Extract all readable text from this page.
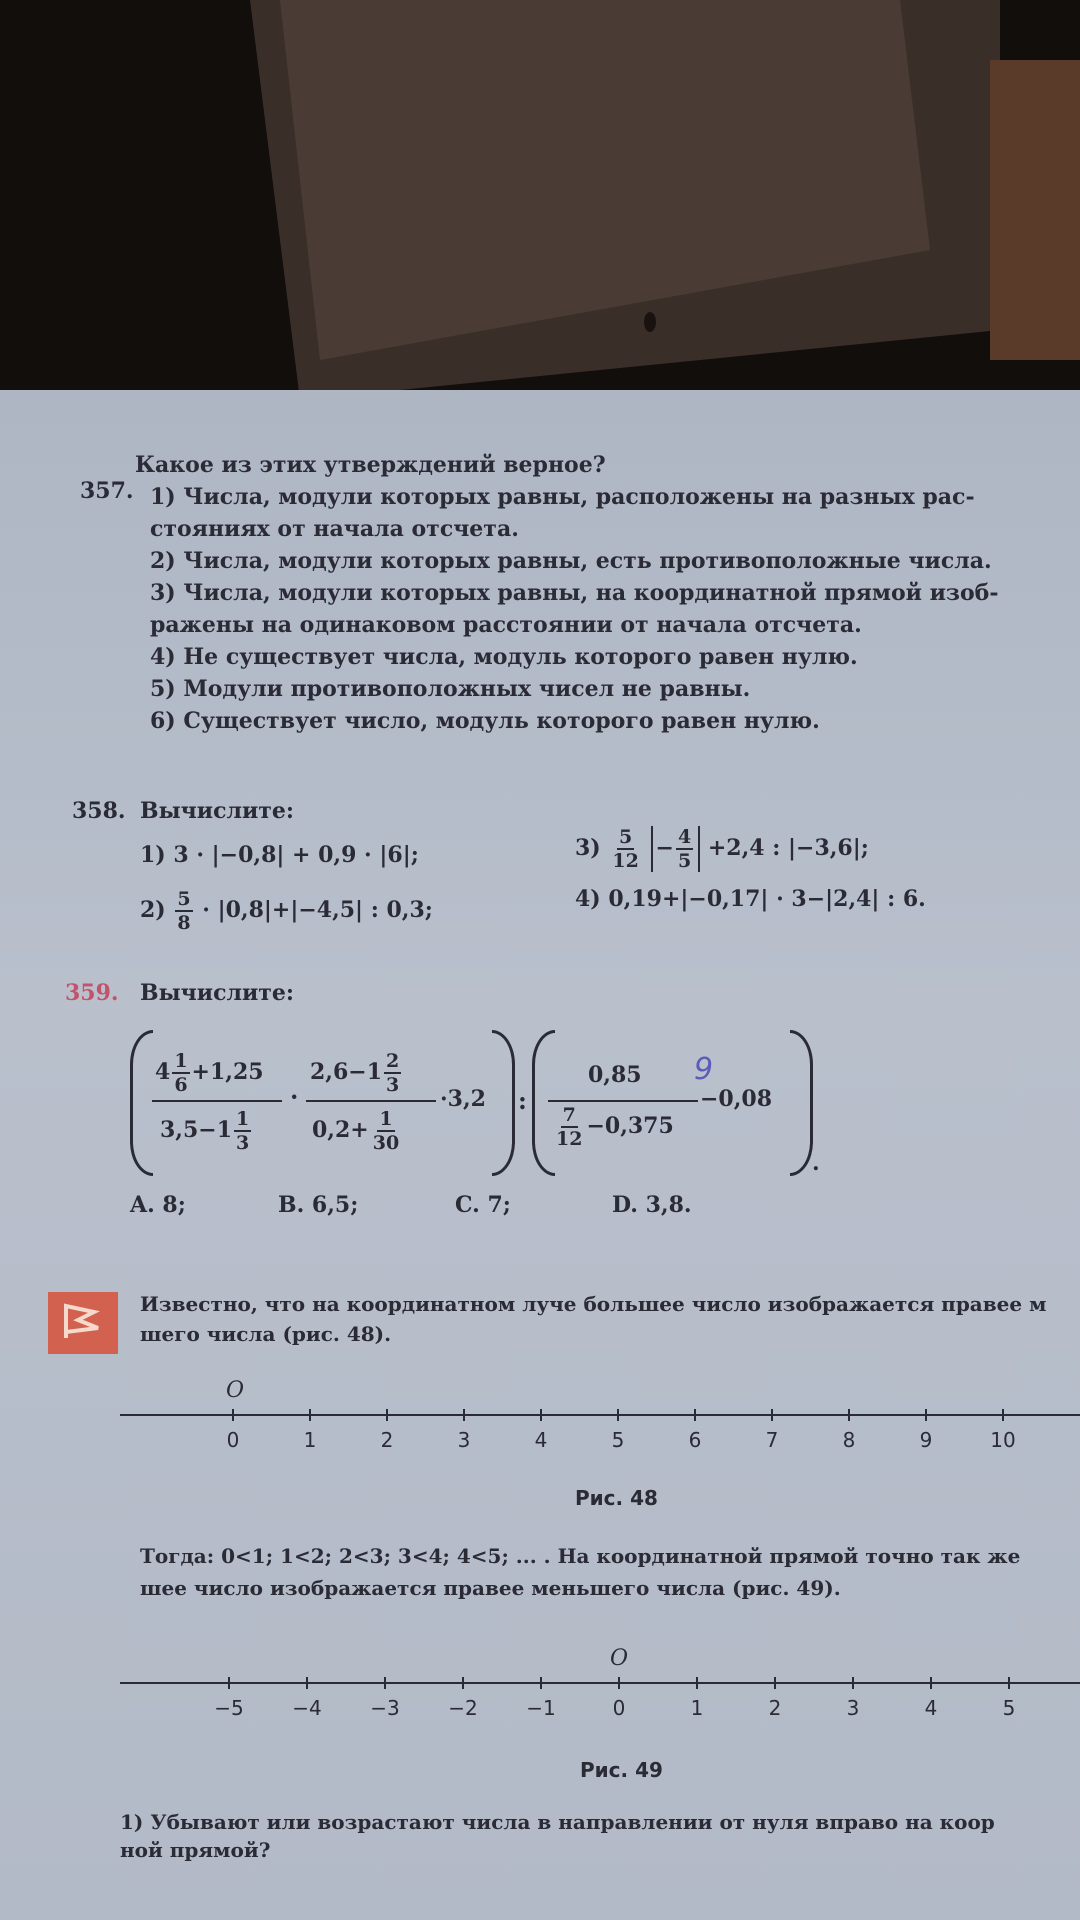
357.
Какое из этих утверждений верное?
1) Числа, модули которых равны, расположены на разных рас-
стояниях от начала отсчета.
2) Числа, модули которых равны, есть противоположные числа.
3) Числа, модули которых равны, на координатной прямой изоб-
ражены на одинаковом расстоянии от начала отсчета.
4) Не существует числа, модуль которого равен нулю.
5) Модули противоположных чисел не равны.
6) Существует число, модуль которого равен нулю.
358. Вычислите:
1) 3 · |−0,8| + 0,9 · |6|;
$2) \frac{5}{8} \cdot |0,8|+|-4,5|$ : 0,3;
$3) \frac{5}{12} - \frac{4}{5} +2,4$ : |−3,6|;
4) 0,19+|−0,17| · 3−|2,4| : 6.
359. Вычислите:
$4 \frac{1}{6} +1,25$
$3,5-1 \frac{1}{3}$
·
$2,6-1 \frac{2}{3}$
$0,2+ \frac{1}{30}$
·3,2 :
0,85
$\frac{7}{12} -0,375$
9
−0,08
.
A. 8;	B. 6,5;	C. 7;	D. 3,8.
Известно, что на координатном луче большее число изображается правее м
шего числа (рис. 48).
O
0	1	2	3	4	5	6	7	8	9	10
Рис. 48
Тогда: 0<1; 1<2; 2<3; 3<4; 4<5; ... . На координатной прямой точно так же
шее число изображается правее меньшего числа (рис. 49).
O
−5 −4 −3 −2 −1	0	1	2	3	4	5
Рис. 49
1) Убывают или возрастают числа в направлении от нуля вправо на коор
ной прямой?
